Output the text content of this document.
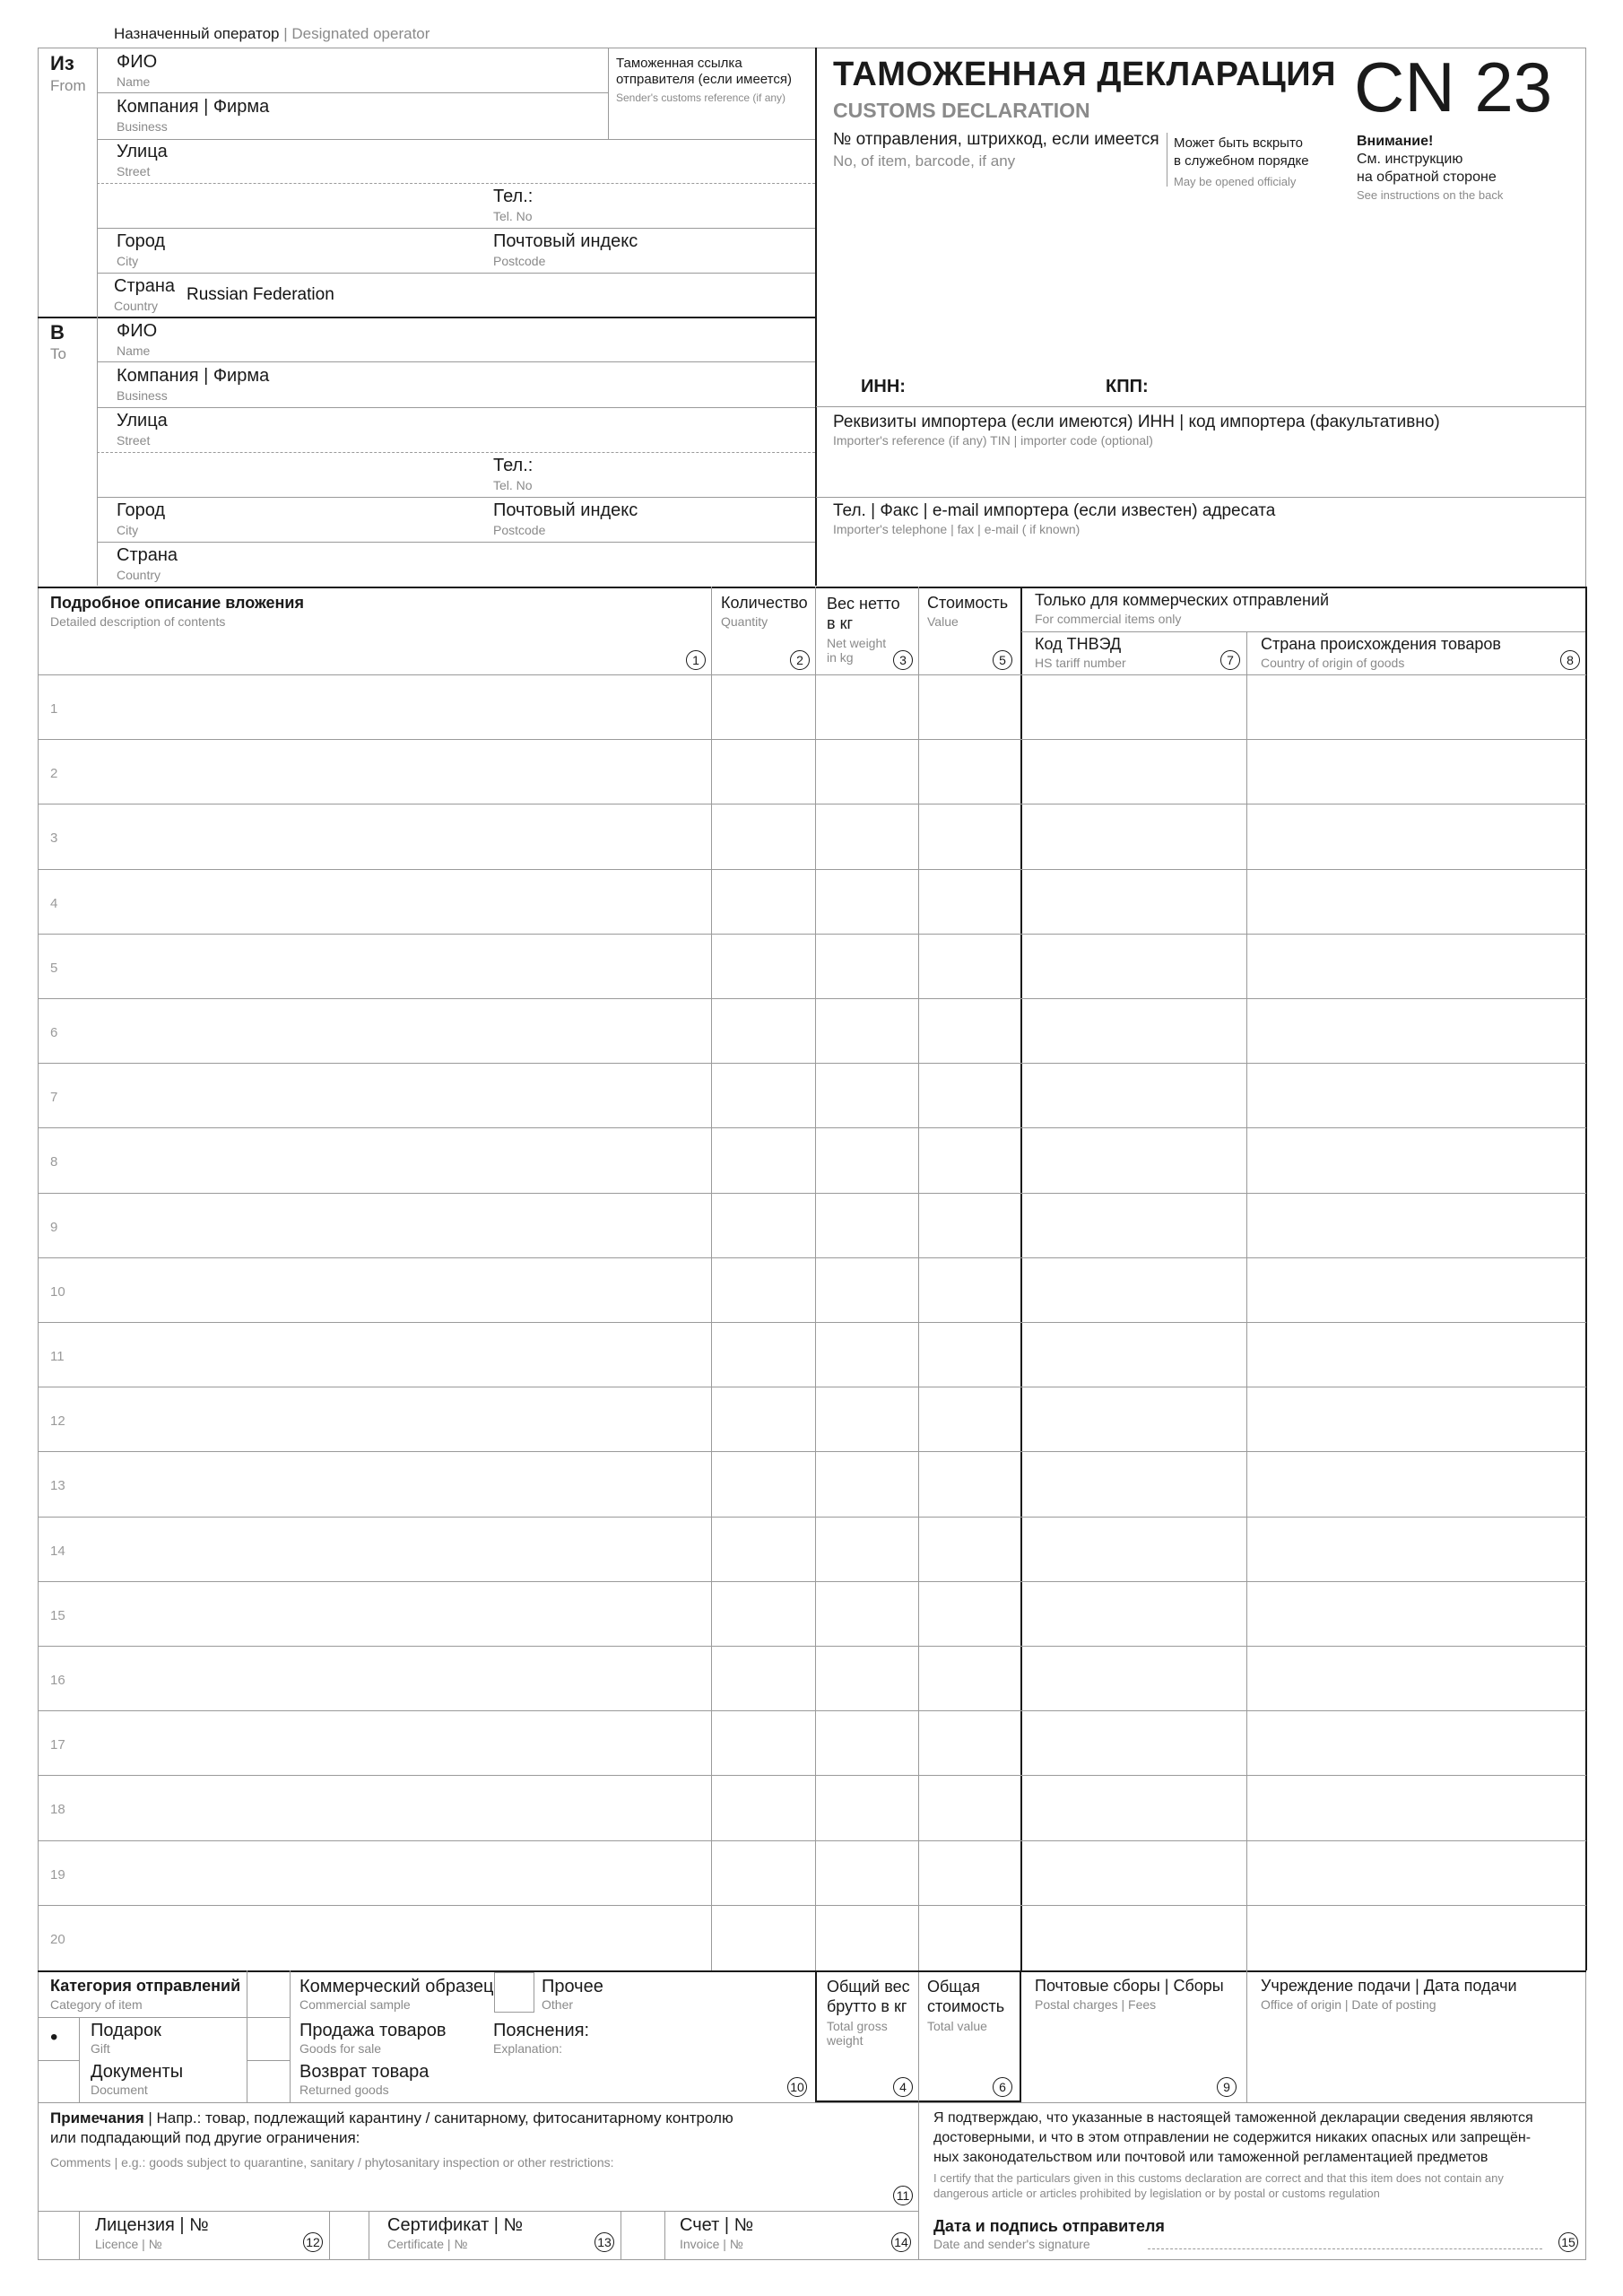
Назначенный оператор | Designated operator
Из
From
ФИО
Name
Таможенная ссылка отправителя (если имеется)
Sender's customs reference (if any)
Компания | Фирма
Business
Улица
Street
Тел.:
Tel. No
Город
City
Почтовый индекс
Postcode
Страна
Country
Russian Federation
В
To
ФИО
Name
Компания | Фирма
Business
Улица
Street
Тел.:
Tel. No
Город
City
Почтовый индекс
Postcode
Страна
Country
ТАМОЖЕННАЯ ДЕКЛАРАЦИЯ
CUSTOMS DECLARATION	CN 23
№ отправления, штрихкод, если имеется
No, of item, barcode, if any
Может быть вскрыто
в служебном порядке
May be opened officialy
Внимание!
См. инструкцию
на обратной стороне
See instructions on the back
ИНН:	КПП:
Реквизиты импортера (если имеются) ИНН | код импортера (факультативно)
Importer's reference (if any) TIN | importer code (optional)
Тел. | Факс | e-mail импортера (если известен) адресата
Importer's telephone | fax | e-mail ( if known)
Подробное описание вложения
Detailed description of contents
Количество
Quantity
Вес нетто
в кг
Net weight
in kg
Стоимость
Value
Только для коммерческих отправлений
For commercial items only
Код ТНВЭД
HS tariff number
Страна происхождения товаров
Country of origin of goods
1	2	3	5	7	8
1
2
3
4
5
6
7
8
9
10
11
12
13
14
15
16
17
18
19
20
Категория отправлений
Category of item
• Подарок
Gift
Документы
Document
Коммерческий образец
Commercial sample
Продажа товаров
Goods for sale
Возврат товара
Returned goods
Прочее
Other
Пояснения:
Explanation:
10
Общий вес
брутто в кг
Total gross
weight
4
Общая
стоимость
Total value
6
Почтовые сборы | Сборы
Postal charges | Fees
9
Учреждение подачи | Дата подачи
Office of origin | Date of posting
Примечания | Напр.: товар, подлежащий карантину / санитарному, фитосанитарному контролю
или подпадающий под другие ограничения:
Comments | e.g.: goods subject to quarantine, sanitary / phytosanitary inspection or other restrictions:
11
Я подтверждаю, что указанные в настоящей таможенной декларации сведения являются
достоверными, и что в этом отправлении не содержится никаких опасных или запрещён-
ных законодательством или почтовой или таможенной регламентацией предметов
I certify that the particulars given in this customs declaration are correct and that this item does not contain any
dangerous article or articles prohibited by legislation or by postal or customs regulation
Лицензия | №
Licence | №	12
Сертификат | №
Certificate | №	13
Счет | №
Invoice | №	14
Дата и подпись отправителя
Date and sender's signature	15
